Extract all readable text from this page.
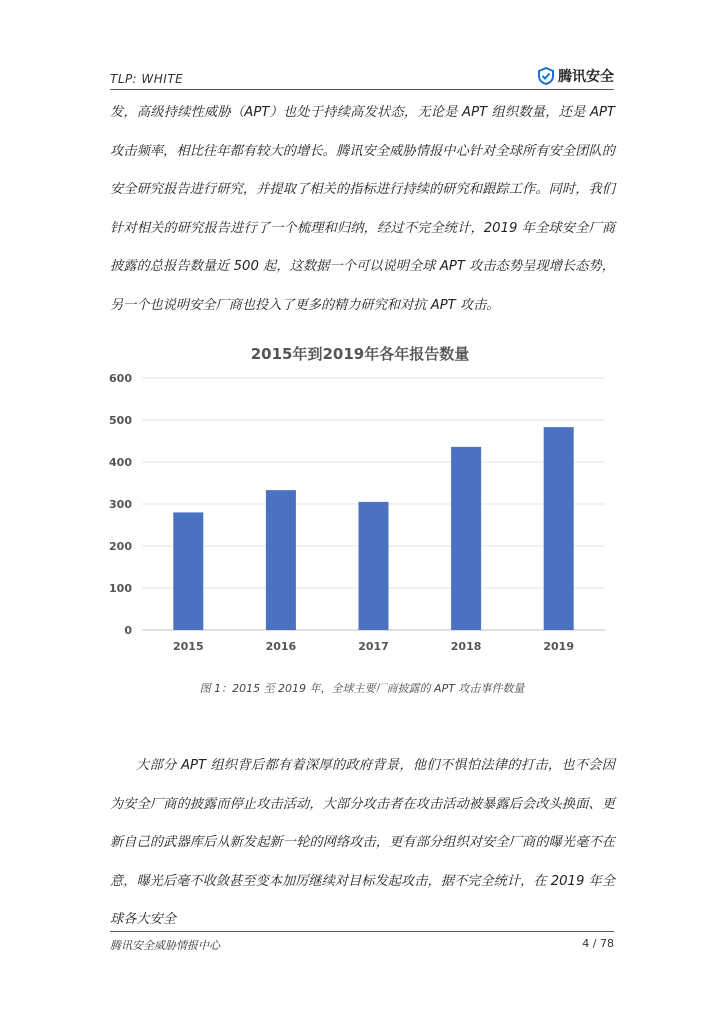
TLP: WHITE	腾讯安全
发，高级持续性威胁（APT）也处于持续高发状态，无论是 APT 组织数量，还是 APT 攻击频率，相比往年都有较大的增长。腾讯安全威胁情报中心针对全球所有安全团队的安全研究报告进行研究，并提取了相关的指标进行持续的研究和跟踪工作。同时，我们针对相关的研究报告进行了一个梳理和归纳，经过不完全统计，2019 年全球安全厂商披露的总报告数量近 500 起，这数据一个可以说明全球 APT 攻击态势呈现增长态势，另一个也说明安全厂商也投入了更多的精力研究和对抗 APT 攻击。
2015年到2019年各年报告数量
0
100
200
300
400
500
600
2015	2016	2017	2018	2019
图 1：2015 至 2019 年，全球主要厂商披露的 APT 攻击事件数量
大部分 APT 组织背后都有着深厚的政府背景，他们不惧怕法律的打击，也不会因为安全厂商的披露而停止攻击活动，大部分攻击者在攻击活动被暴露后会改头换面、更新自己的武器库后从新发起新一轮的网络攻击，更有部分组织对安全厂商的曝光毫不在意，曝光后毫不收敛甚至变本加厉继续对目标发起攻击，据不完全统计，在 2019 年全球各大安全
腾讯安全威胁情报中心	4 / 78
